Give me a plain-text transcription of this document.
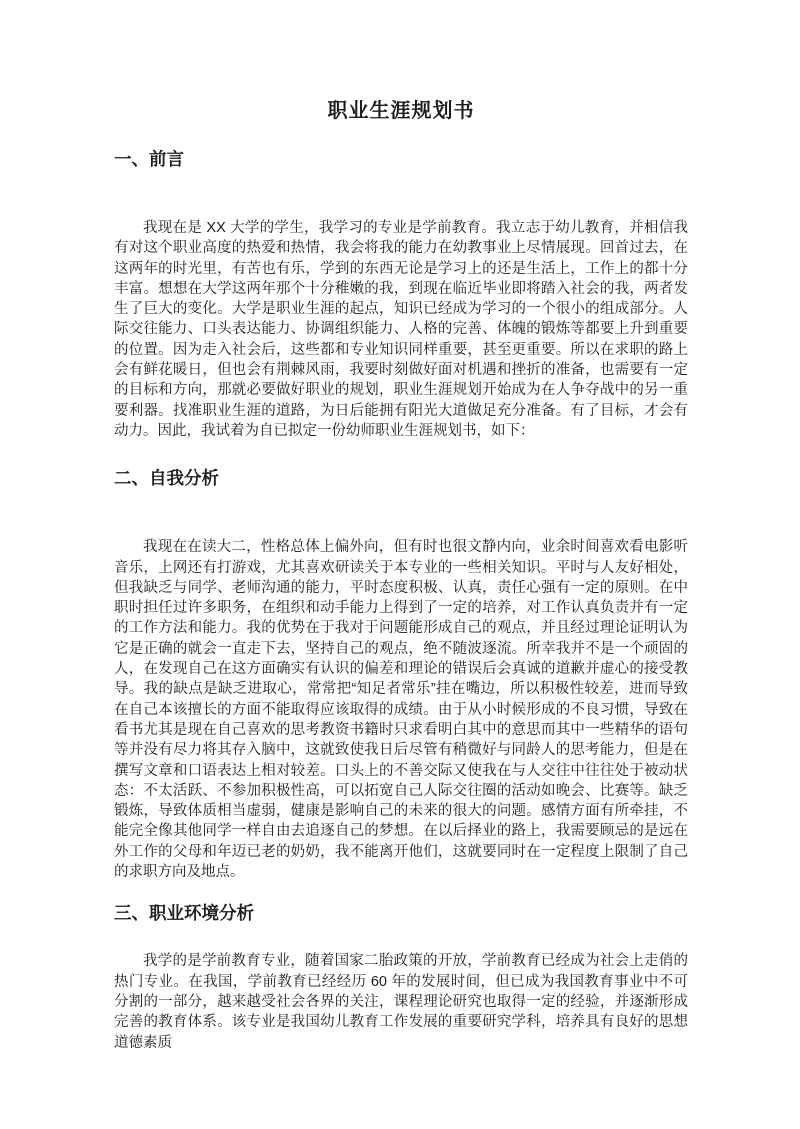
职业生涯规划书
一、前言

我现在是 XX 大学的学生，我学习的专业是学前教育。我立志于幼儿教育，并相信我有对这个职业高度的热爱和热情，我会将我的能力在幼教事业上尽情展现。回首过去，在这两年的时光里，有苦也有乐，学到的东西无论是学习上的还是生活上，工作上的都十分丰富。想想在大学这两年那个十分稚嫩的我，到现在临近毕业即将踏入社会的我，两者发生了巨大的变化。大学是职业生涯的起点，知识已经成为学习的一个很小的组成部分。人际交往能力、口头表达能力、协调组织能力、人格的完善、体魄的锻炼等都要上升到重要的位置。因为走入社会后，这些都和专业知识同样重要，甚至更重要。所以在求职的路上会有鲜花暖日，但也会有荆棘风雨，我要时刻做好面对机遇和挫折的准备，也需要有一定的目标和方向，那就必要做好职业的规划，职业生涯规划开始成为在人争夺战中的另一重要利器。找准职业生涯的道路，为日后能拥有阳光大道做足充分准备。有了目标，才会有动力。因此，我试着为自已拟定一份幼师职业生涯规划书，如下：

二、自我分析

我现在在读大二，性格总体上偏外向，但有时也很文静内向，业余时间喜欢看电影听音乐，上网还有打游戏，尤其喜欢研读关于本专业的一些相关知识。平时与人友好相处，但我缺乏与同学、老师沟通的能力，平时态度积极、认真，责任心强有一定的原则。在中职时担任过许多职务，在组织和动手能力上得到了一定的培养，对工作认真负责并有一定的工作方法和能力。我的优势在于我对于问题能形成自己的观点，并且经过理论证明认为它是正确的就会一直走下去，坚持自己的观点，绝不随波逐流。所幸我并不是一个顽固的人，在发现自己在这方面确实有认识的偏差和理论的错误后会真诚的道歉并虚心的接受教导。我的缺点是缺乏进取心，常常把“知足者常乐”挂在嘴边，所以积极性较差，进而导致在自己本该擅长的方面不能取得应该取得的成绩。由于从小时候形成的不良习惯，导致在看书尤其是现在自己喜欢的思考教资书籍时只求看明白其中的意思而其中一些精华的语句等并没有尽力将其存入脑中，这就致使我日后尽管有稍微好与同龄人的思考能力，但是在撰写文章和口语表达上相对较差。口头上的不善交际又使我在与人交往中往往处于被动状态：不太活跃、不参加积极性高，可以拓宽自己人际交往圈的活动如晚会、比赛等。缺乏锻炼，导致体质相当虚弱，健康是影响自己的未来的很大的问题。感情方面有所牵挂，不能完全像其他同学一样自由去追逐自己的梦想。在以后择业的路上，我需要顾忌的是远在外工作的父母和年迈已老的奶奶，我不能离开他们，这就要同时在一定程度上限制了自己的求职方向及地点。

三、职业环境分析

我学的是学前教育专业，随着国家二胎政策的开放，学前教育已经成为社会上走俏的热门专业。在我国，学前教育已经经历 60 年的发展时间，但已成为我国教育事业中不可分割的一部分，越来越受社会各界的关注，课程理论研究也取得一定的经验，并逐渐形成完善的教育体系。该专业是我国幼儿教育工作发展的重要研究学科，培养具有良好的思想道德素质
